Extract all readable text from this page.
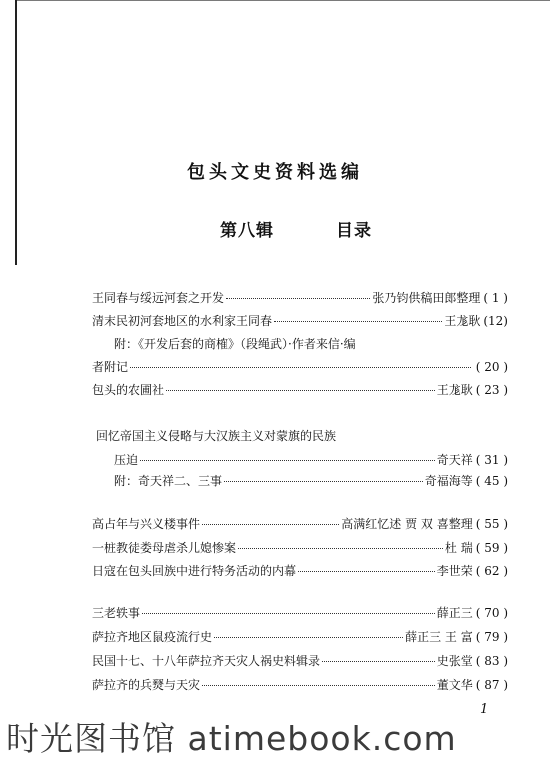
包头文史资料选编
第八辑	目录
王同春与绥远河套之开发	张乃钧供稿田郎整理 ( 1 )
清末民初河套地区的水利家王同春	王尨耿 (12)
附：《开发后套的商榷》（段绳武）·作者来信·编
者附记	( 20 )
包头的农圃社	王尨耿 ( 23 )
回忆帝国主义侵略与大汉族主义对蒙旗的民族
压迫	奇天祥 ( 31 )
附：奇天祥二、三事	奇福海等 ( 45 )
高占年与兴义楼事件	高满红忆述 贾 双 喜整理 ( 55 )
一桩教徒娄母虐杀儿媳惨案	杜 瑞 ( 59 )
日寇在包头回族中进行特务活动的内幕	李世荣 ( 62 )
三老轶事	薛正三 ( 70 )
萨拉齐地区鼠疫流行史	薛正三 王 富 ( 79 )
民国十七、十八年萨拉齐天灾人祸史料辑录	史张堂 ( 83 )
萨拉齐的兵燹与天灾	董文华 ( 87 )
1
时光图书馆 atimebook.com
